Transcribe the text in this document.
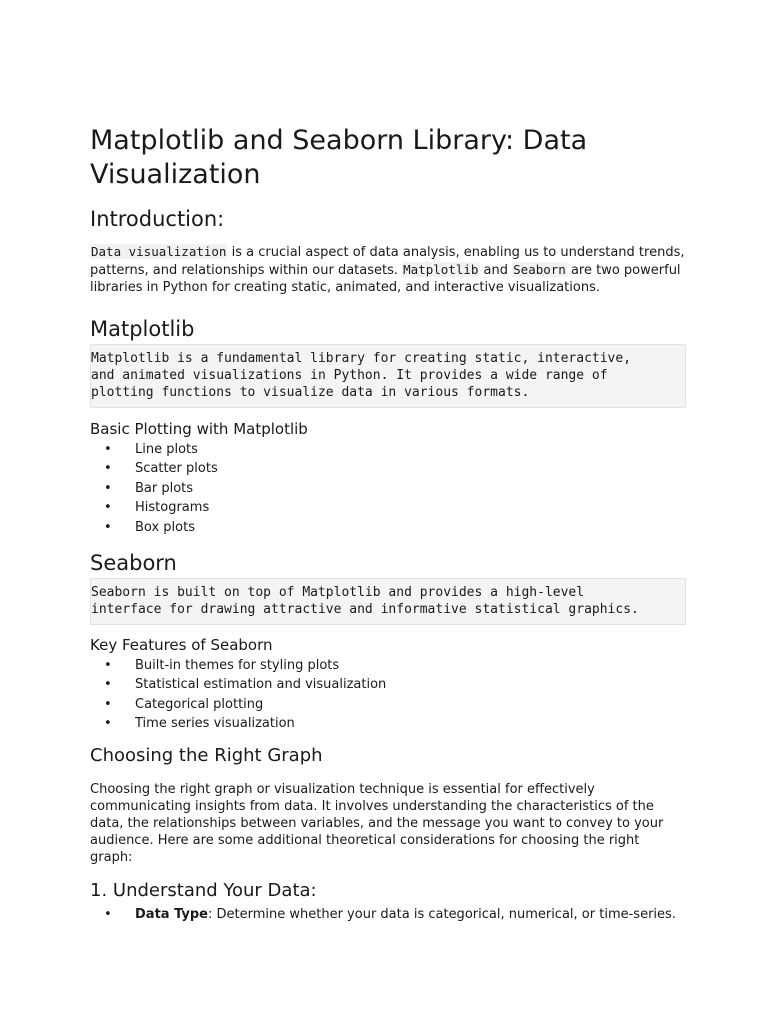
Matplotlib and Seaborn Library: Data Visualization
Introduction:

Data visualization is a crucial aspect of data analysis, enabling us to understand trends, patterns, and relationships within our datasets. Matplotlib and Seaborn are two powerful libraries in Python for creating static, animated, and interactive visualizations.

Matplotlib
Matplotlib is a fundamental library for creating static, interactive,
and animated visualizations in Python. It provides a wide range of
plotting functions to visualize data in various formats.
Basic Plotting with Matplotlib
• Line plots
• Scatter plots
• Bar plots
• Histograms
• Box plots
Seaborn
Seaborn is built on top of Matplotlib and provides a high-level
interface for drawing attractive and informative statistical graphics.
Key Features of Seaborn
• Built-in themes for styling plots
• Statistical estimation and visualization
• Categorical plotting
• Time series visualization
Choosing the Right Graph

Choosing the right graph or visualization technique is essential for effectively communicating insights from data. It involves understanding the characteristics of the data, the relationships between variables, and the message you want to convey to your audience. Here are some additional theoretical considerations for choosing the right graph:

1. Understand Your Data:
• Data Type: Determine whether your data is categorical, numerical, or time-series.
